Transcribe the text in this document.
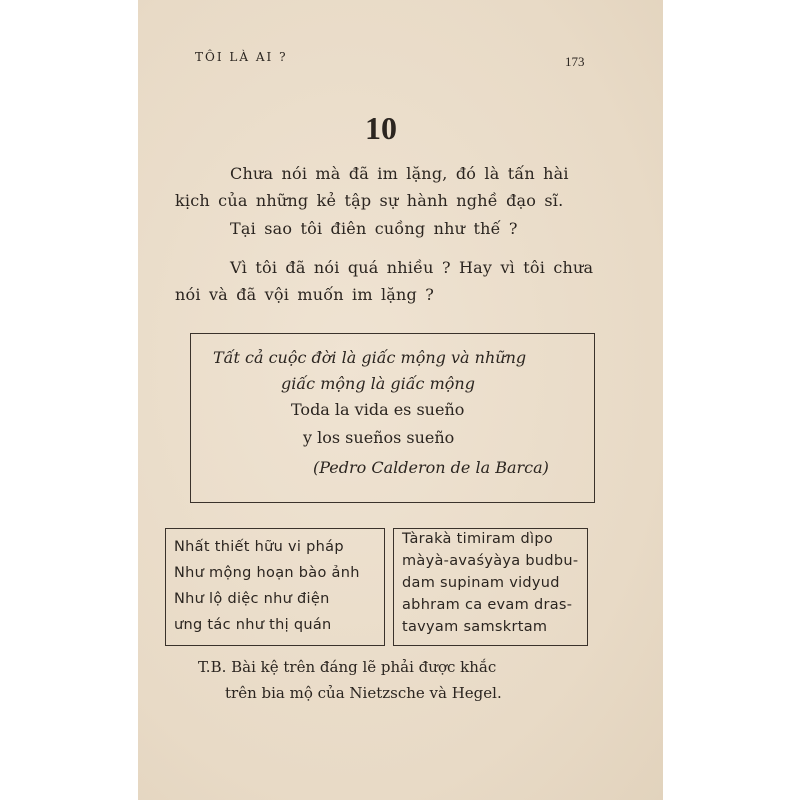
TÔI LÀ AI ?	173
10
Chưa nói mà đã im lặng, đó là tấn hài
kịch của những kẻ tập sự hành nghề đạo sĩ.
Tại sao tôi điên cuồng như thế ?
Vì tôi đã nói quá nhiều ? Hay vì tôi chưa
nói và đã vội muốn im lặng ?
Tất cả cuộc đời là giấc mộng và những
giấc mộng là giấc mộng
Toda la vida es sueño
y los sueños sueño
(Pedro Calderon de la Barca)
Nhất thiết hữu vi pháp
Như mộng hoạn bào ảnh
Như lộ diệc như điện
ưng tác như thị quán
Tàrakà timiram dìpo
màyà-avaśyàya budbu-
dam supinam vidyud
abhram ca evam dras-
tavyam samskrtam
T.B. Bài kệ trên đáng lẽ phải được khắc
trên bia mộ của Nietzsche và Hegel.
